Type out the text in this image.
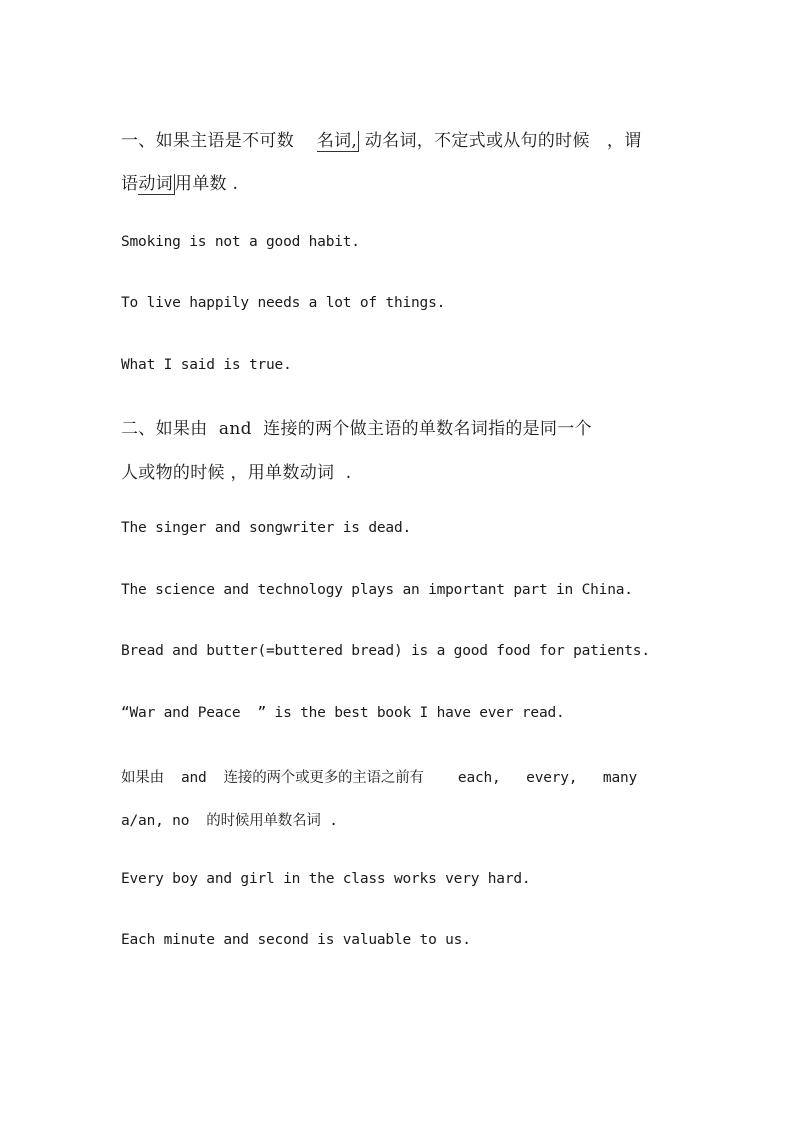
一、如果主语是不可数    名词, 动名词，不定式或从句的时候   ，谓
语动词 用单数 .
Smoking is not a good habit.
To live happily needs a lot of things.
What I said is true.
二、如果由  and  连接的两个做主语的单数名词指的是同一个
人或物的时候 ，用单数动词  .
The singer and songwriter is dead.
The science and technology plays an important part in China.
Bread and butter(=buttered bread) is a good food for patients.
“War and Peace  ” is the best book I have ever read.
如果由  and  连接的两个或更多的主语之前有    each,   every,   many
a/an, no  的时候用单数名词 .
Every boy and girl in the class works very hard.
Each minute and second is valuable to us.
